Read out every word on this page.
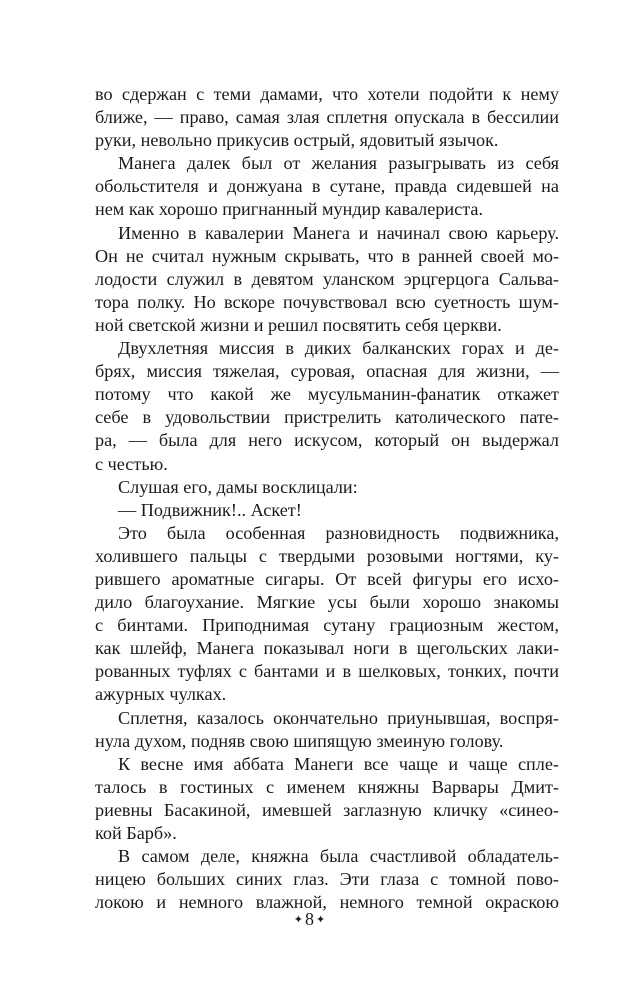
во сдержан с теми дамами, что хотели подойти к нему
ближе, — право, самая злая сплетня опускала в бессилии
руки, невольно прикусив острый, ядовитый язычок.
Манега далек был от желания разыгрывать из себя
обольстителя и донжуана в сутане, правда сидевшей на
нем как хорошо пригнанный мундир кавалериста.
Именно в кавалерии Манега и начинал свою карьеру.
Он не считал нужным скрывать, что в ранней своей мо-
лодости служил в девятом уланском эрцгерцога Сальва-
тора полку. Но вскоре почувствовал всю суетность шум-
ной светской жизни и решил посвятить себя церкви.
Двухлетняя миссия в диких балканских горах и де-
брях, миссия тяжелая, суровая, опасная для жизни, —
потому что какой же мусульманин-фанатик откажет
себе в удовольствии пристрелить католического пате-
ра, — была для него искусом, который он выдержал
с честью.
Слушая его, дамы восклицали:
— Подвижник!.. Аскет!
Это была особенная разновидность подвижника,
холившего пальцы с твердыми розовыми ногтями, ку-
рившего ароматные сигары. От всей фигуры его исхо-
дило благоухание. Мягкие усы были хорошо знакомы
с бинтами. Приподнимая сутану грациозным жестом,
как шлейф, Манега показывал ноги в щегольских лаки-
рованных туфлях с бантами и в шелковых, тонких, почти
ажурных чулках.
Сплетня, казалось окончательно приунывшая, воспря-
нула духом, подняв свою шипящую змеиную голову.
К весне имя аббата Манеги все чаще и чаще спле-
талось в гостиных с именем княжны Варвары Дмит-
риевны Басакиной, имевшей заглазную кличку «синео-
кой Барб».
В самом деле, княжна была счастливой обладатель-
ницею больших синих глаз. Эти глаза с томной пово-
локою и немного влажной, немного темной окраскою
✦ 8 ✦
